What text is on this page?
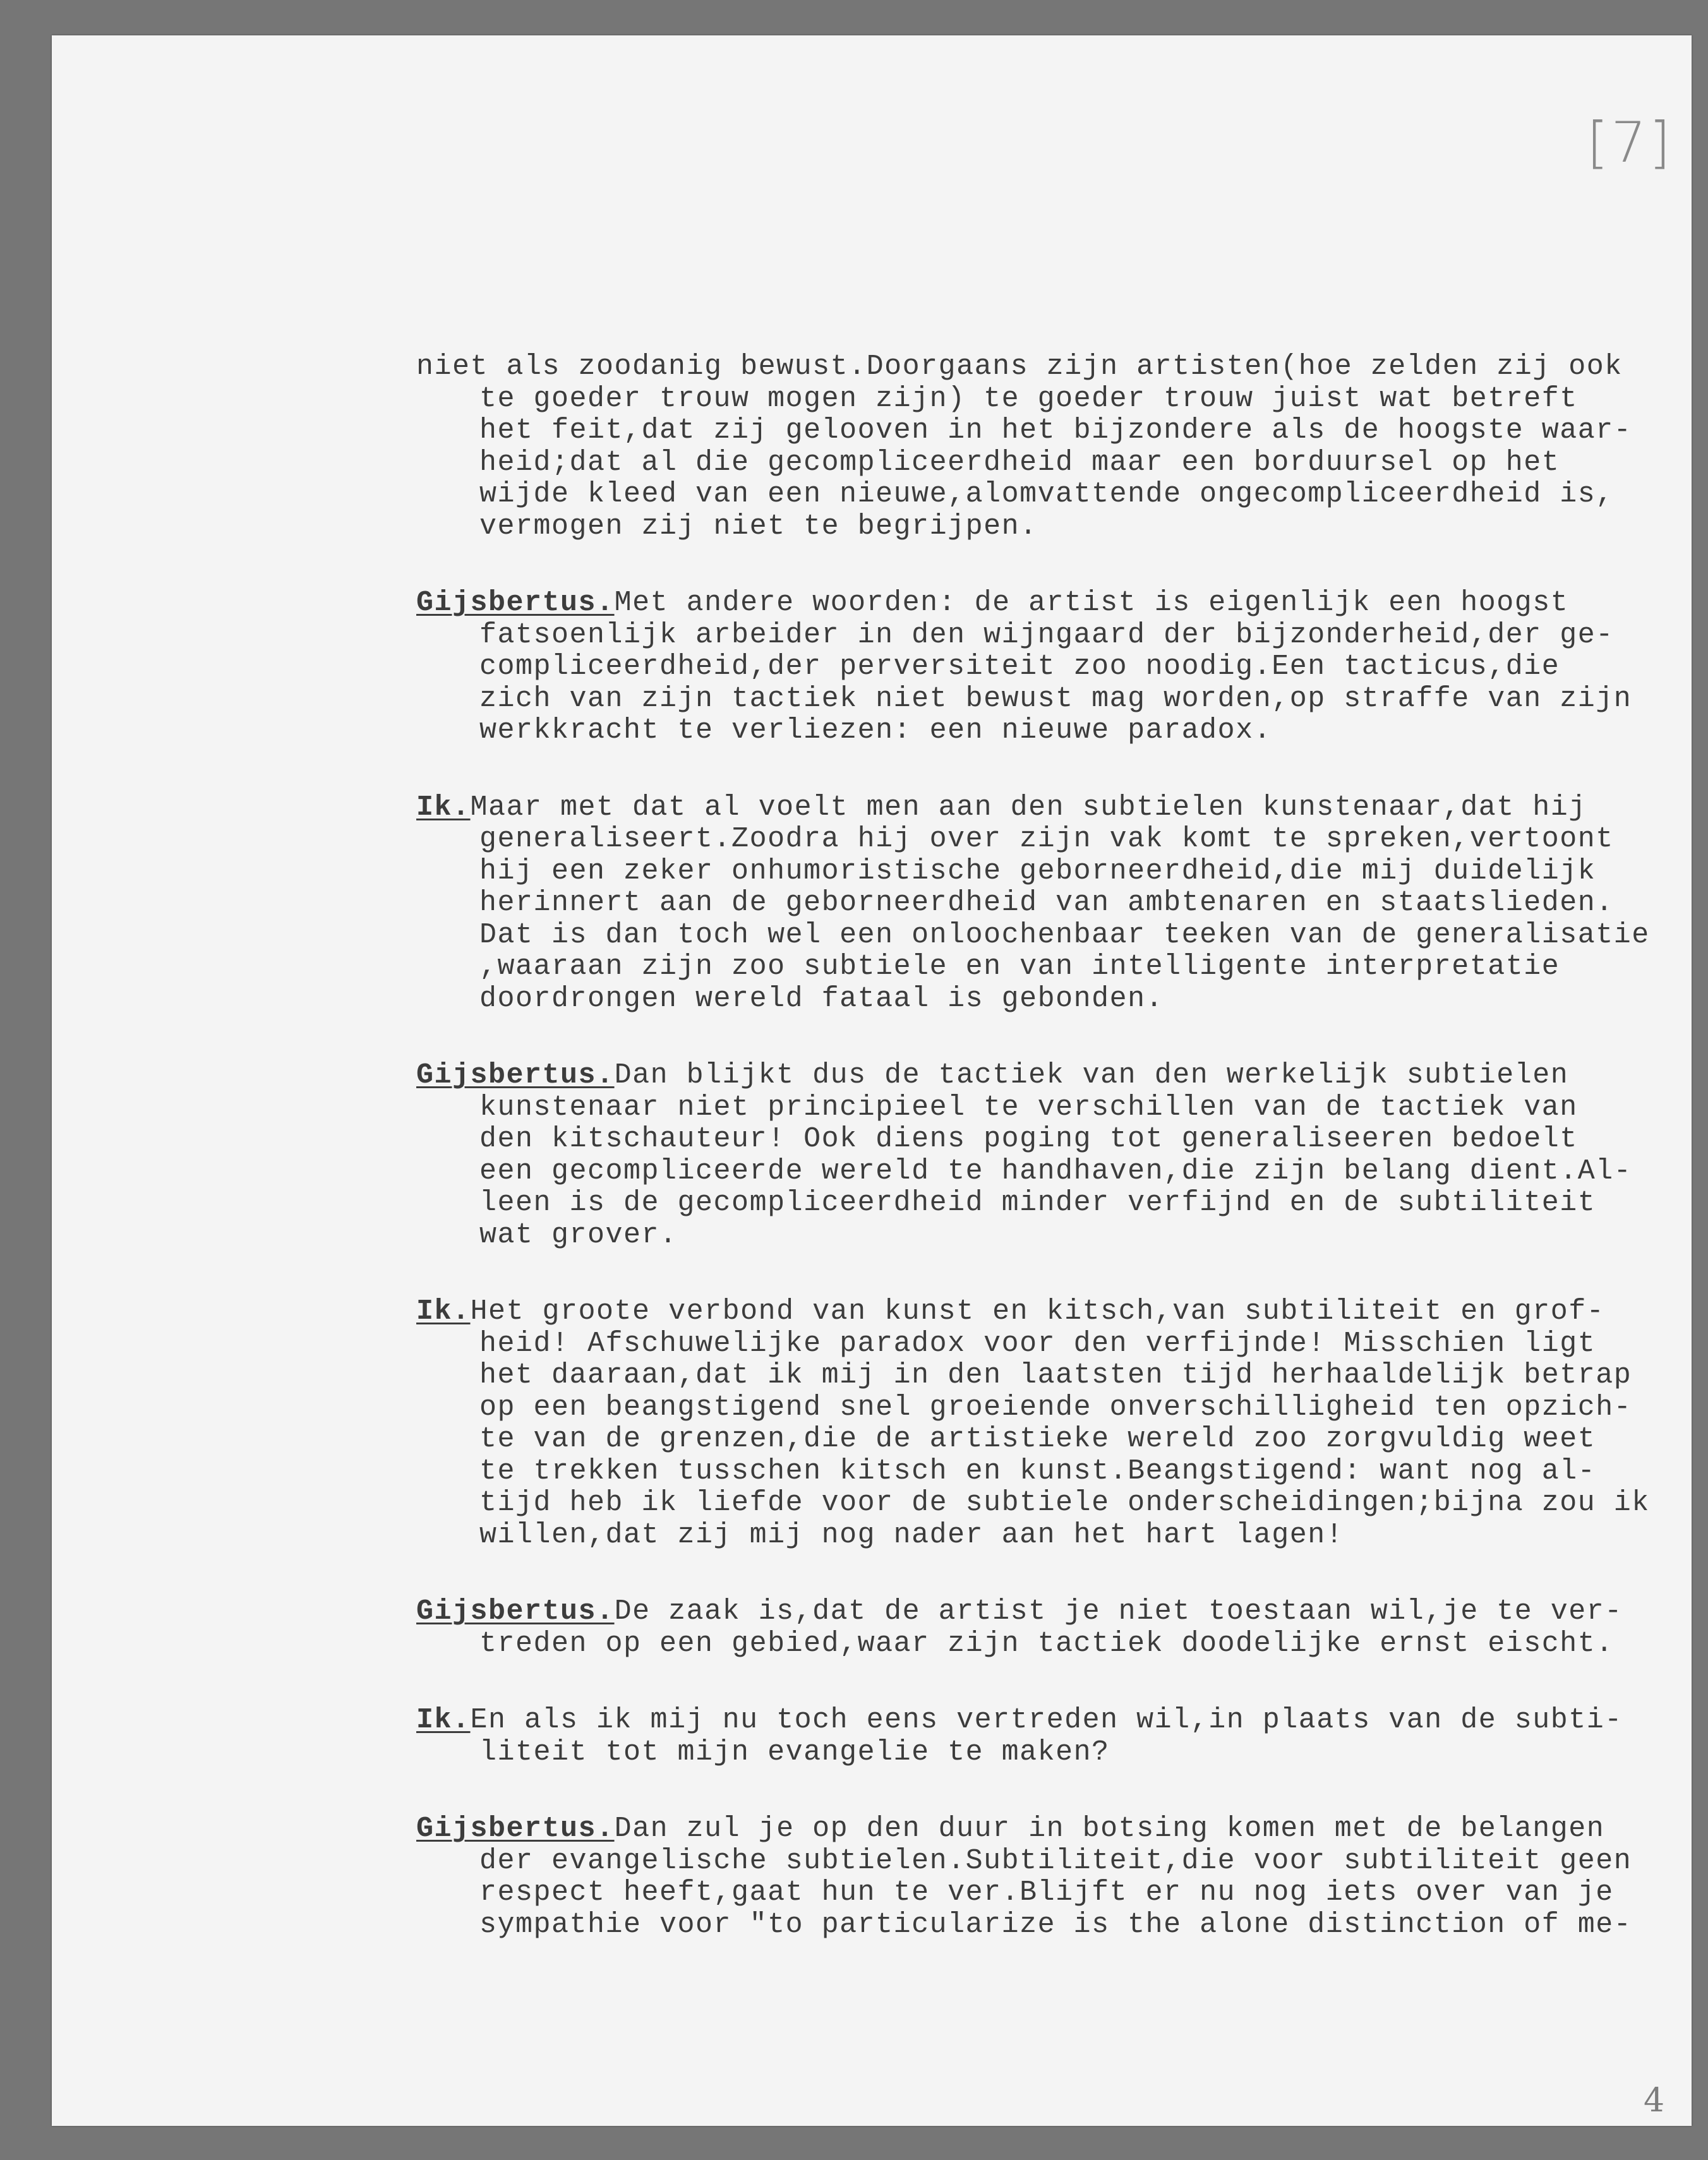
[7]
niet als zoodanig bewust.Doorgaans zijn artisten(hoe zelden zij ook
te goeder trouw mogen zijn) te goeder trouw juist wat betreft
het feit,dat zij gelooven in het bijzondere als de hoogste waar-
heid;dat al die gecompliceerdheid maar een borduursel op het
wijde kleed van een nieuwe,alomvattende ongecompliceerdheid is,
vermogen zij niet te begrijpen.
Gijsbertus.Met andere woorden: de artist is eigenlijk een hoogst
fatsoenlijk arbeider in den wijngaard der bijzonderheid,der ge-
compliceerdheid,der perversiteit zoo noodig.Een tacticus,die
zich van zijn tactiek niet bewust mag worden,op straffe van zijn
werkkracht te verliezen: een nieuwe paradox.
Ik.Maar met dat al voelt men aan den subtielen kunstenaar,dat hij
generaliseert.Zoodra hij over zijn vak komt te spreken,vertoont
hij een zeker onhumoristische geborneerdheid,die mij duidelijk
herinnert aan de geborneerdheid van ambtenaren en staatslieden.
Dat is dan toch wel een onloochenbaar teeken van de generalisatie
,waaraan zijn zoo subtiele en van intelligente interpretatie
doordrongen wereld fataal is gebonden.
Gijsbertus.Dan blijkt dus de tactiek van den werkelijk subtielen
kunstenaar niet principieel te verschillen van de tactiek van
den kitschauteur! Ook diens poging tot generaliseeren bedoelt
een gecompliceerde wereld te handhaven,die zijn belang dient.Al-
leen is de gecompliceerdheid minder verfijnd en de subtiliteit
wat grover.
Ik.Het groote verbond van kunst en kitsch,van subtiliteit en grof-
heid! Afschuwelijke paradox voor den verfijnde! Misschien ligt
het daaraan,dat ik mij in den laatsten tijd herhaaldelijk betrap
op een beangstigend snel groeiende onverschilligheid ten opzich-
te van de grenzen,die de artistieke wereld zoo zorgvuldig weet
te trekken tusschen kitsch en kunst.Beangstigend: want nog al-
tijd heb ik liefde voor de subtiele onderscheidingen;bijna zou ik
willen,dat zij mij nog nader aan het hart lagen!
Gijsbertus.De zaak is,dat de artist je niet toestaan wil,je te ver-
treden op een gebied,waar zijn tactiek doodelijke ernst eischt.
Ik.En als ik mij nu toch eens vertreden wil,in plaats van de subti-
liteit tot mijn evangelie te maken?
Gijsbertus.Dan zul je op den duur in botsing komen met de belangen
der evangelische subtielen.Subtiliteit,die voor subtiliteit geen
respect heeft,gaat hun te ver.Blijft er nu nog iets over van je
sympathie voor "to particularize is the alone distinction of me-
4
